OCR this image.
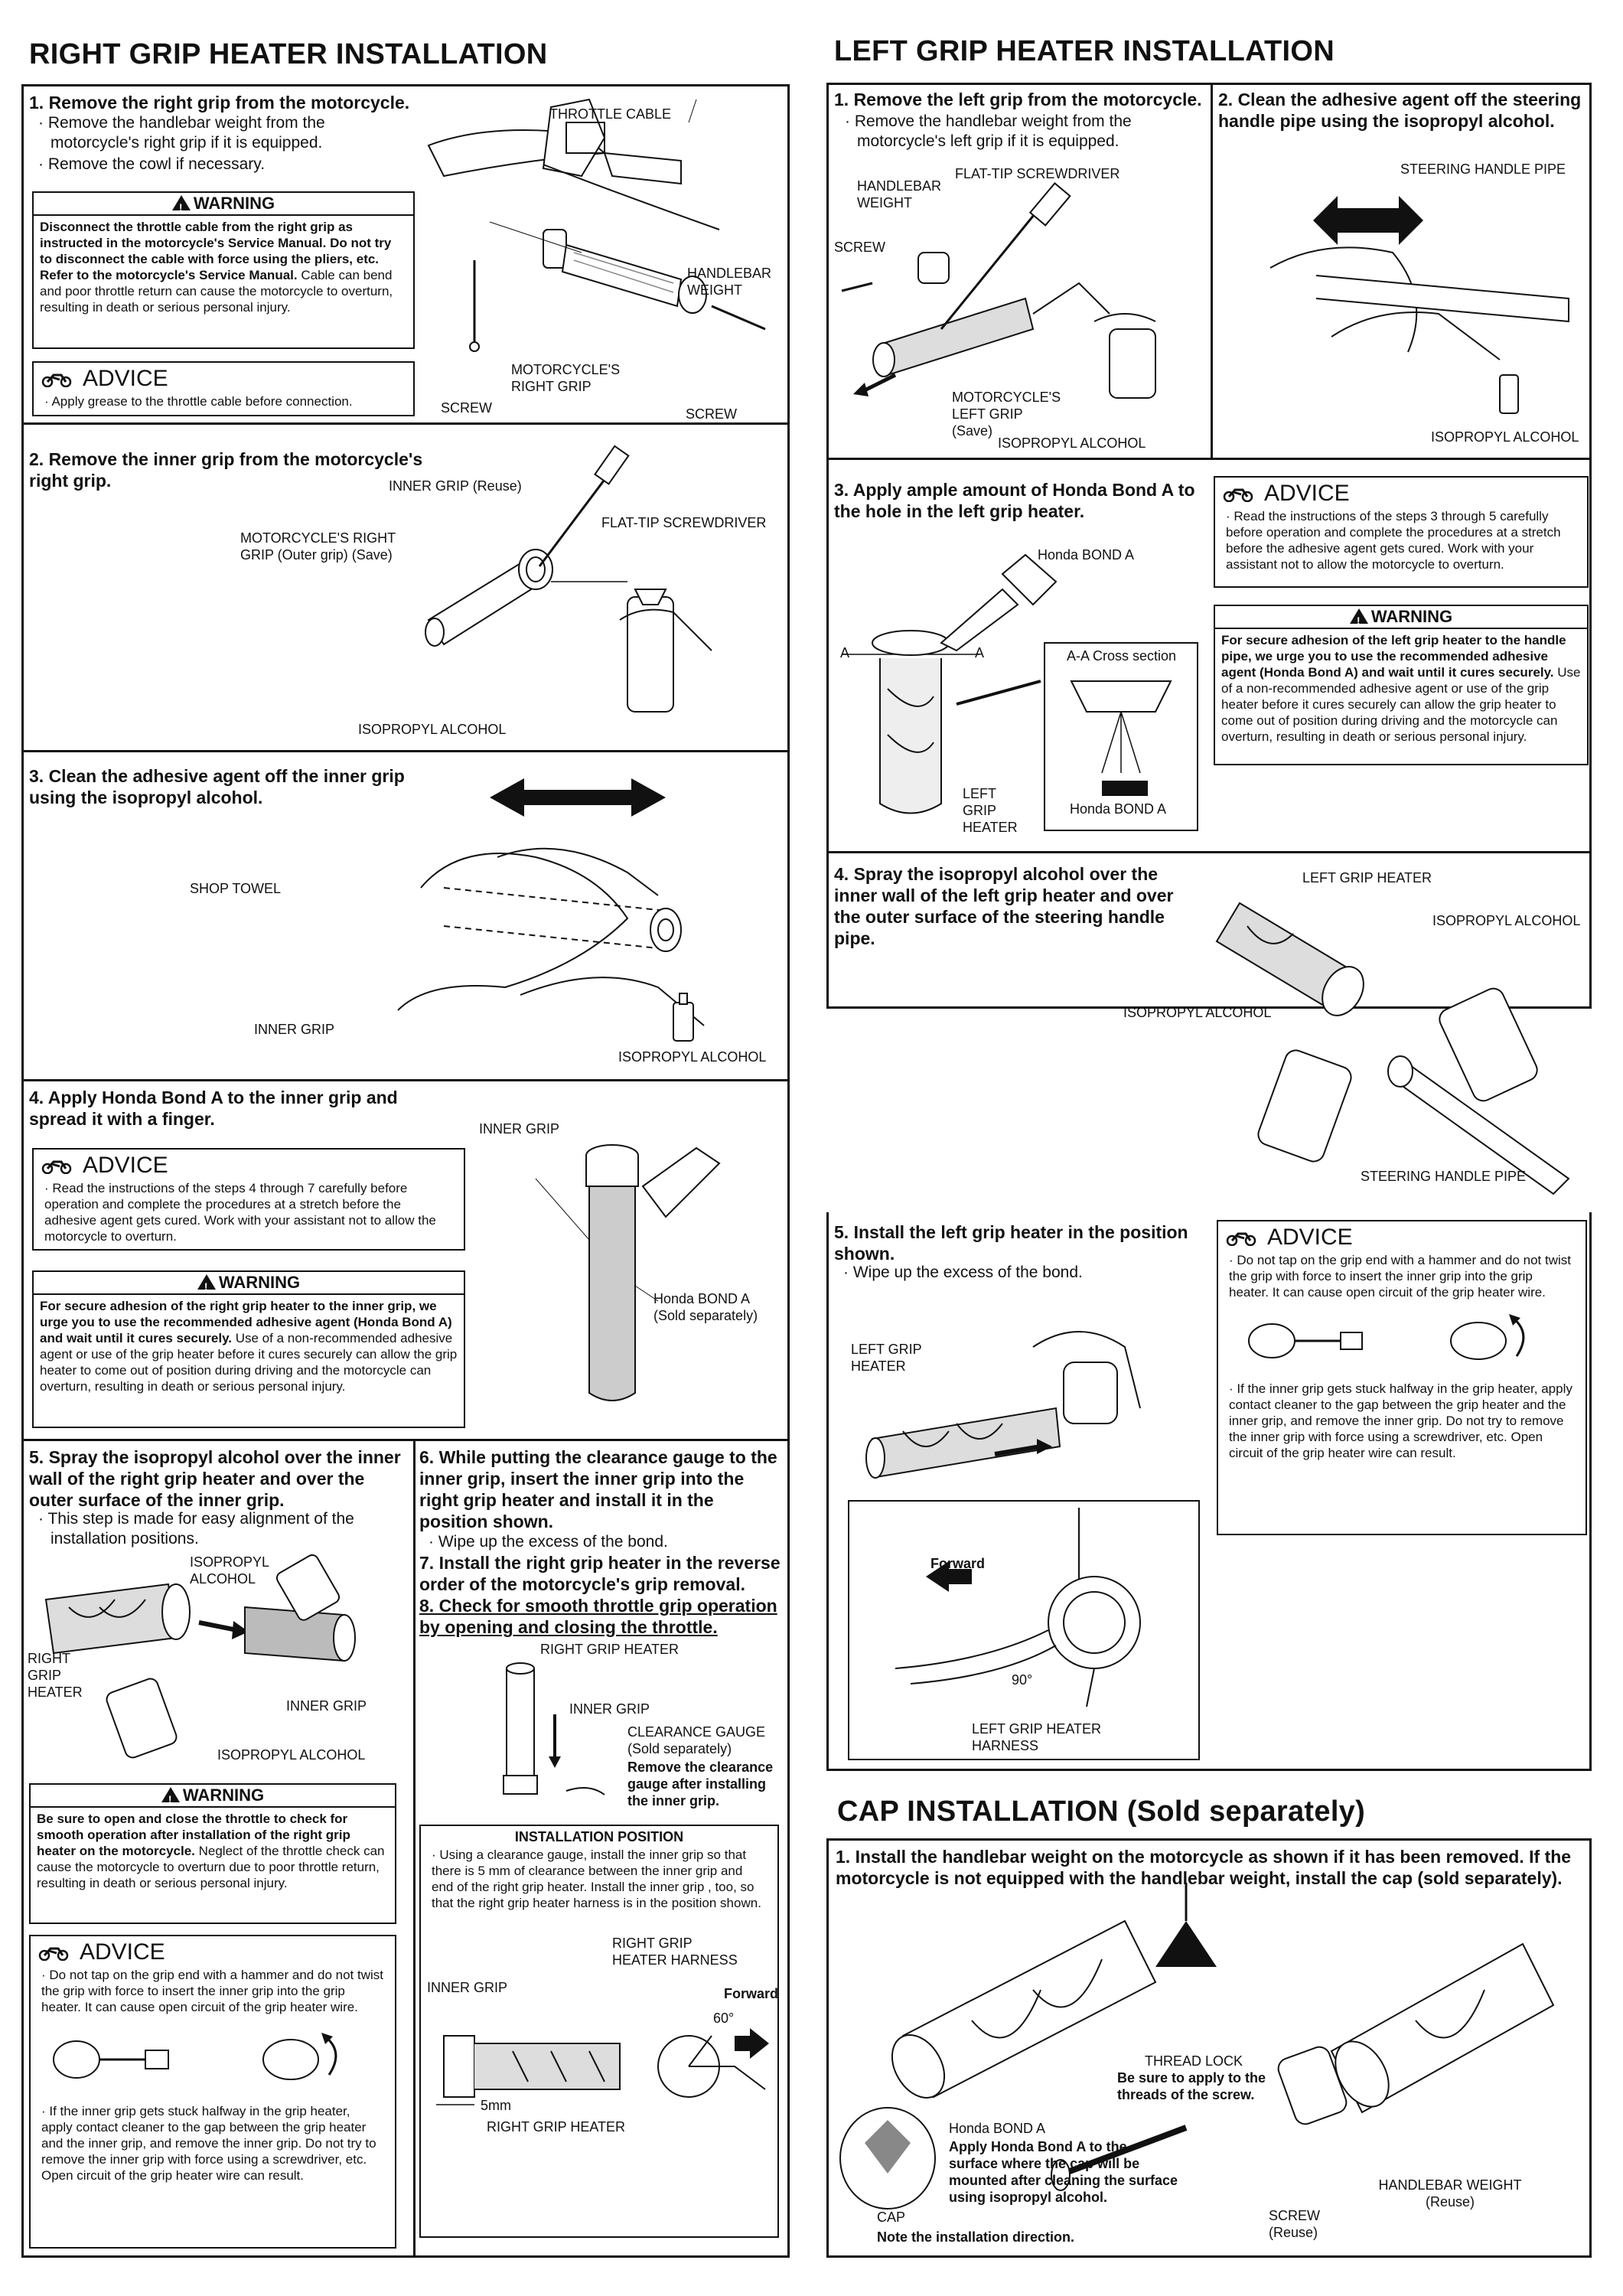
RIGHT GRIP HEATER INSTALLATION	LEFT GRIP HEATER INSTALLATION
1. Remove the right grip from the motorcycle.
· Remove the handlebar weight from the motorcycle's right grip if it is equipped.
· Remove the cowl if necessary.
!WARNING
Disconnect the throttle cable from the right grip as instructed in the motorcycle's Service Manual. Do not try to disconnect the cable with force using the pliers, etc. Refer to the motorcycle's Service Manual. Cable can bend and poor throttle return can cause the motorcycle to overturn, resulting in death or serious personal injury.
ADVICE
· Apply grease to the throttle cable before connection.
THROTTLE CABLE
HANDLEBAR WEIGHT
MOTORCYCLE'S RIGHT GRIP
SCREW	SCREW
2. Remove the inner grip from the motorcycle's right grip.	INNER GRIP (Reuse)
MOTORCYCLE'S RIGHT GRIP (Outer grip) (Save)
FLAT-TIP SCREWDRIVER
ISOPROPYL ALCOHOL
3. Clean the adhesive agent off the inner grip using the isopropyl alcohol.
SHOP TOWEL
INNER GRIP
ISOPROPYL ALCOHOL
4. Apply Honda Bond A to the inner grip and spread it with a finger.
ADVICE
· Read the instructions of the steps 4 through 7 carefully before operation and complete the procedures at a stretch before the adhesive agent gets cured. Work with your assistant not to allow the motorcycle to overturn.
!WARNING
For secure adhesion of the right grip heater to the inner grip, we urge you to use the recommended adhesive agent (Honda Bond A) and wait until it cures securely. Use of a non-recommended adhesive agent or use of the grip heater before it cures securely can allow the grip heater to come out of position during driving and the motorcycle can overturn, resulting in death or serious personal injury.
INNER GRIP
Honda BOND A (Sold separately)
5. Spray the isopropyl alcohol over the inner wall of the right grip heater and over the outer surface of the inner grip.
· This step is made for easy alignment of the installation positions.
ISOPROPYL ALCOHOL
RIGHT GRIP HEATER
INNER GRIP
ISOPROPYL ALCOHOL
!WARNING
Be sure to open and close the throttle to check for smooth operation after installation of the right grip heater on the motorcycle. Neglect of the throttle check can cause the motorcycle to overturn due to poor throttle return, resulting in death or serious personal injury.
ADVICE
· Do not tap on the grip end with a hammer and do not twist the grip with force to insert the inner grip into the grip heater. It can cause open circuit of the grip heater wire.
· If the inner grip gets stuck halfway in the grip heater, apply contact cleaner to the gap between the grip heater and the inner grip, and remove the inner grip. Do not try to remove the inner grip with force using a screwdriver, etc. Open circuit of the grip heater wire can result.
6. While putting the clearance gauge to the inner grip, insert the inner grip into the right grip heater and install it in the position shown.
· Wipe up the excess of the bond.
7. Install the right grip heater in the reverse order of the motorcycle's grip removal.
8. Check for smooth throttle grip operation by opening and closing the throttle.
RIGHT GRIP HEATER
INNER GRIP
CLEARANCE GAUGE (Sold separately)
Remove the clearance gauge after installing the inner grip.
INSTALLATION POSITION
· Using a clearance gauge, install the inner grip so that there is 5 mm of clearance between the inner grip and end of the right grip heater. Install the inner grip , too, so that the right grip heater harness is in the position shown.
RIGHT GRIP HEATER HARNESS
INNER GRIP	Forward
60°
5mm
RIGHT GRIP HEATER
1. Remove the left grip from the motorcycle.
· Remove the handlebar weight from the motorcycle's left grip if it is equipped.
HANDLEBAR WEIGHT
FLAT-TIP SCREWDRIVER
SCREW
MOTORCYCLE'S LEFT GRIP (Save)
ISOPROPYL ALCOHOL
2. Clean the adhesive agent off the steering handle pipe using the isopropyl alcohol.
STEERING HANDLE PIPE
ISOPROPYL ALCOHOL
3. Apply ample amount of Honda Bond A to the hole in the left grip heater.
Honda BOND A
A	A	A-A Cross section
LEFT GRIP HEATER
Honda BOND A
ADVICE
· Read the instructions of the steps 3 through 5 carefully before operation and complete the procedures at a stretch before the adhesive agent gets cured. Work with your assistant not to allow the motorcycle to overturn.
!WARNING
For secure adhesion of the left grip heater to the handle pipe, we urge you to use the recommended adhesive agent (Honda Bond A) and wait until it cures securely. Use of a non-recommended adhesive agent or use of the grip heater before it cures securely can allow the grip heater to come out of position during driving and the motorcycle can overturn, resulting in death or serious personal injury.
4. Spray the isopropyl alcohol over the inner wall of the left grip heater and over the outer surface of the steering handle pipe.
LEFT GRIP HEATER
ISOPROPYL ALCOHOL
ISOPROPYL ALCOHOL
STEERING HANDLE PIPE
5. Install the left grip heater in the position shown.
· Wipe up the excess of the bond.
LEFT GRIP HEATER
Forward
90°
LEFT GRIP HEATER HARNESS
ADVICE
· Do not tap on the grip end with a hammer and do not twist the grip with force to insert the inner grip into the grip heater. It can cause open circuit of the grip heater wire.
· If the inner grip gets stuck halfway in the grip heater, apply contact cleaner to the gap between the grip heater and the inner grip, and remove the inner grip. Do not try to remove the inner grip with force using a screwdriver, etc. Open circuit of the grip heater wire can result.
CAP INSTALLATION (Sold separately)
1. Install the handlebar weight on the motorcycle as shown if it has been removed. If the motorcycle is not equipped with the handlebar weight, install the cap (sold separately).
THREAD LOCK
Be sure to apply to the threads of the screw.
Honda BOND A
Apply Honda Bond A to the surface where the cap will be mounted after cleaning the surface using isopropyl alcohol.
CAP
Note the installation direction.
SCREW (Reuse)
HANDLEBAR WEIGHT (Reuse)
